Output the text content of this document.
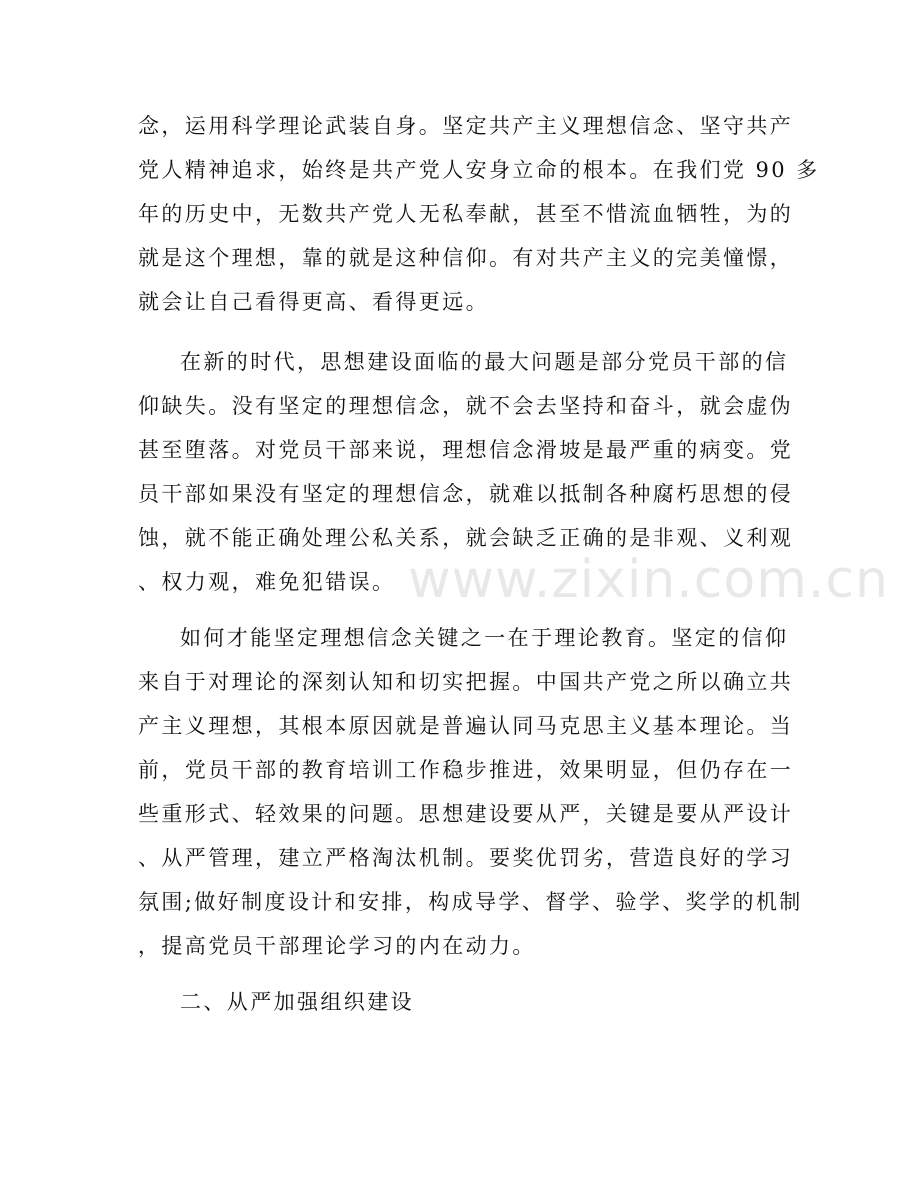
念，运用科学理论武装自身。坚定共产主义理想信念、坚守共产
党人精神追求，始终是共产党人安身立命的根本。在我们党 90 多
年的历史中，无数共产党人无私奉献，甚至不惜流血牺牲，为的
就是这个理想，靠的就是这种信仰。有对共产主义的完美憧憬，
就会让自己看得更高、看得更远。
在新的时代，思想建设面临的最大问题是部分党员干部的信
仰缺失。没有坚定的理想信念，就不会去坚持和奋斗，就会虚伪
甚至堕落。对党员干部来说，理想信念滑坡是最严重的病变。党
员干部如果没有坚定的理想信念，就难以抵制各种腐朽思想的侵
蚀，就不能正确处理公私关系，就会缺乏正确的是非观、义利观
、权力观，难免犯错误。
如何才能坚定理想信念关键之一在于理论教育。坚定的信仰
来自于对理论的深刻认知和切实把握。中国共产党之所以确立共
产主义理想，其根本原因就是普遍认同马克思主义基本理论。当
前，党员干部的教育培训工作稳步推进，效果明显，但仍存在一
些重形式、轻效果的问题。思想建设要从严，关键是要从严设计
、从严管理，建立严格淘汰机制。要奖优罚劣，营造良好的学习
氛围;做好制度设计和安排，构成导学、督学、验学、奖学的机制
，提高党员干部理论学习的内在动力。
二、从严加强组织建设
www.zixin.com.cn
